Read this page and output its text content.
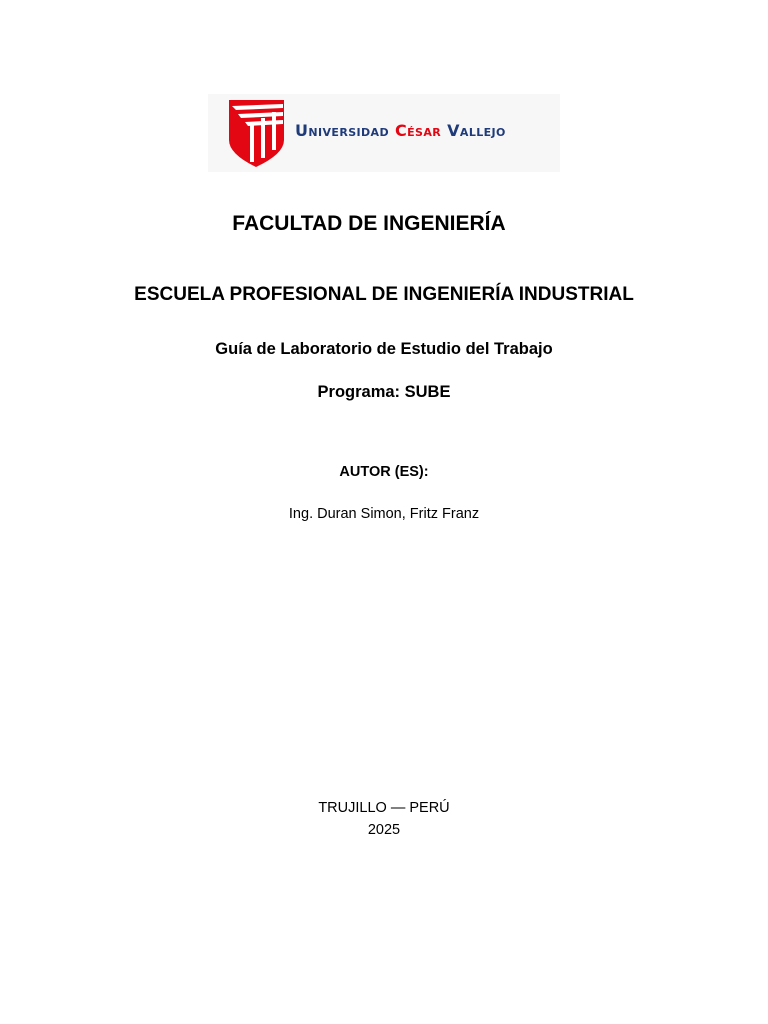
Universidad César Vallejo
FACULTAD DE INGENIERÍA
ESCUELA PROFESIONAL DE INGENIERÍA INDUSTRIAL
Guía de Laboratorio de Estudio del Trabajo
Programa: SUBE
AUTOR (ES):
Ing. Duran Simon, Fritz Franz
TRUJILLO — PERÚ
2025
